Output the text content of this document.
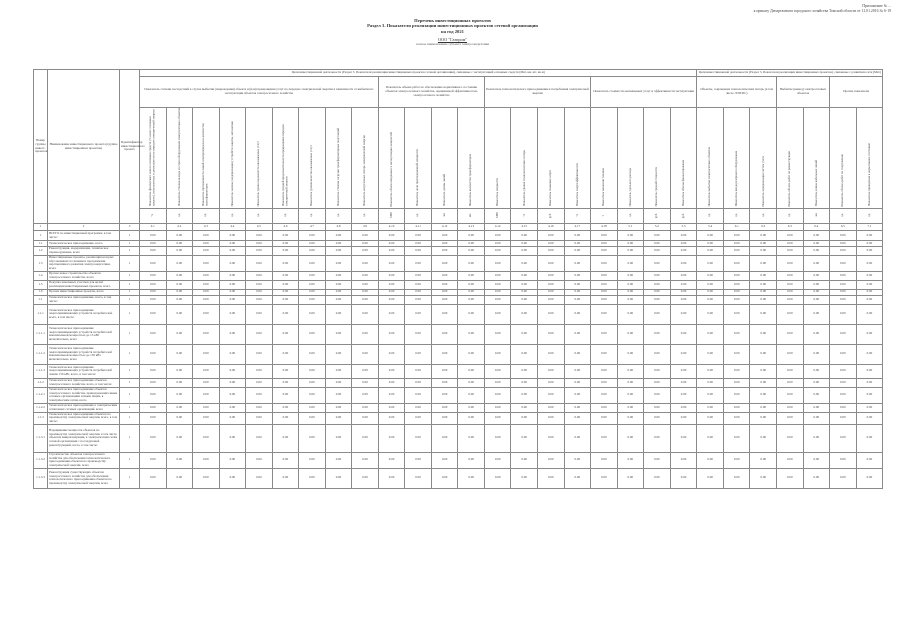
Приложение № ...
к приказу Департамента городского хозяйства Томской области от 11.01.2016 № 6-19
Перечень инвестиционных проектов
Раздел 3. Показатели реализации инвестиционных проектов сетевой организации
на год 2021
ООО "Газпром"
полное наименование субъекта электроэнергетики
Номер группы инвест-проектов	Наименование инвестиционного проекта (группы инвестиционных проектов)	Идентификатор инвестиционного проекта	Цели инвестиционной деятельности (Раздел 3. Показатели реализации инвестиционных проектов сетевой организации), связанные с эксплуатацией основных средств (Мвт, км, шт, кв.м)																					Цели инвестиционной деятельности (Раздел 3. Показатели реализации инвестиционных проектов), связанные с развитием сети (Мвт)						
			Показатель степени последствий в случае выбытия (повреждения) объекта и (или) прекращения услуг по передаче электрической энергии в зависимости от выбытия из эксплуатации объектов электросетевого хозяйства									Показатель объема работ по обеспечению нормативного состояния объектов электросетевого хозяйства, оцениваемой эффективностью электросетевого хозяйства				Показатель технологического присоединения и потребления электрической энергии				Показатель стоимости оказываемых услуг и эффективности эксплуатации				Объекты, сокращение технологических потерь (в том числе ЛЭП/ПС)			Выбытие (вывод) электросетевых объектов		Прочие показатели	
			Показатель физического износа основных средств (% износ основных средств), используемых в деятельности по передаче электрической энергии	Показатель степени выхода из строя оборудования электросетевых объектов	Показатель протяженности линий электропередачи и количества трансформаторов	Показатель замены (модернизации) устройств защиты, автоматики	Показатель уровня надежности оказываемых услуг	Показатель средней продолжительности прекращения передачи электрической энергии	Показатель уровня качества оказываемых услуг	Показатель степени загрузки трансформаторных подстанций	Показатель нагрузочных потерь электрической энергии	Показатель объема введенных в эксплуатацию мощностей	Показатель доли присоединенной мощности	Показатель длины линий	Показатель количества трансформаторов	Показатель мощности	Показатель уровня технологических потерь	Показатель снижения затрат	Показатель энергоэффективности	Показатель экономии топлива	Показатель удельного расхода	Показатель средней стоимости	Показатель объема финансирования	Показатель выбытия электросетевых объектов	Показатель ввода резервного оборудования	Показатель модернизации систем учета	Показатель объема работ по реконструкции	Показатель длины кабельных линий	Показатель объема работ по сооружению	Показатель приведения в нормативное состояние
			%	ед.	ед.	ед.	ед.	ед.	ед.	ед.	ед.	МВт	ед.	км	шт.	МВт	%	руб.	%	т	ед.	руб.	руб.	ед.	ед.	ед.	ед.	км	ед.	ед.
1	2	3	4.1	4.2	4.3	4.4	4.5	4.6	4.7	4.8	4.9	4.10	4.11	4.12	4.13	4.14	4.15	4.16	4.17	4.18	5.1	5.2	5.3	5.4	6.1	6.2	6.3	6.4	6.5	7.1
1	ВСЕГО по инвестиционной программе, в том числе:	1	0.00	0.00	0.00	0.00	0.00	0.00	0.00	0.00	0.00	0.00	0.00	0.00	0.00	0.00	0.00	0.00	0.00	0.00	0.00	0.00	0.00	0.00	0.00	0.00	0.00	0.00	0.00	0.00
1.1	Технологическое присоединение, всего	1	0.00	0.00	0.00	0.00	0.00	0.00	0.00	0.00	0.00	0.00	0.00	0.00	0.00	0.00	0.00	0.00	0.00	0.00	0.00	0.00	0.00	0.00	0.00	0.00	0.00	0.00	0.00	0.00
1.2	Реконструкция, модернизация, техническое перевооружение, всего	1	0.00	0.00	0.00	0.00	0.00	0.00	0.00	0.00	0.00	0.00	0.00	0.00	0.00	0.00	0.00	0.00	0.00	0.00	0.00	0.00	0.00	0.00	0.00	0.00	0.00	0.00	0.00	0.00
1.3	Инвестиционные проекты, реализация которых обуславливается схемами и программами перспективного развития электроэнергетики, всего	1	0.00	0.00	0.00	0.00	0.00	0.00	0.00	0.00	0.00	0.00	0.00	0.00	0.00	0.00	0.00	0.00	0.00	0.00	0.00	0.00	0.00	0.00	0.00	0.00	0.00	0.00	0.00	0.00
1.4	Прочее новое строительство объектов электросетевого хозяйства, всего	1	0.00	0.00	0.00	0.00	0.00	0.00	0.00	0.00	0.00	0.00	0.00	0.00	0.00	0.00	0.00	0.00	0.00	0.00	0.00	0.00	0.00	0.00	0.00	0.00	0.00	0.00	0.00	0.00
1.5	Покупка земельных участков для целей реализации инвестиционных проектов, всего	1	0.00	0.00	0.00	0.00	0.00	0.00	0.00	0.00	0.00	0.00	0.00	0.00	0.00	0.00	0.00	0.00	0.00	0.00	0.00	0.00	0.00	0.00	0.00	0.00	0.00	0.00	0.00	0.00
1.6	Прочие инвестиционные проекты, всего	1	0.00	0.00	0.00	0.00	0.00	0.00	0.00	0.00	0.00	0.00	0.00	0.00	0.00	0.00	0.00	0.00	0.00	0.00	0.00	0.00	0.00	0.00	0.00	0.00	0.00	0.00	0.00	0.00
1.1	Технологическое присоединение, всего, в том числе:	1	0.00	0.00	0.00	0.00	0.00	0.00	0.00	0.00	0.00	0.00	0.00	0.00	0.00	0.00	0.00	0.00	0.00	0.00	0.00	0.00	0.00	0.00	0.00	0.00	0.00	0.00	0.00	0.00
1.1.1	Технологическое присоединение энергопринимающих устройств потребителей, всего, в том числе:	1	0.00	0.00	0.00	0.00	0.00	0.00	0.00	0.00	0.00	0.00	0.00	0.00	0.00	0.00	0.00	0.00	0.00	0.00	0.00	0.00	0.00	0.00	0.00	0.00	0.00	0.00	0.00	0.00
1.1.1.1	Технологическое присоединение энергопринимающих устройств потребителей максимальной мощностью до 15 кВт включительно, всего	1	0.00	0.00	0.00	0.00	0.00	0.00	0.00	0.00	0.00	0.00	0.00	0.00	0.00	0.00	0.00	0.00	0.00	0.00	0.00	0.00	0.00	0.00	0.00	0.00	0.00	0.00	0.00	0.00
1.1.1.2	Технологическое присоединение энергопринимающих устройств потребителей максимальной мощностью до 150 кВт включительно, всего	1	0.00	0.00	0.00	0.00	0.00	0.00	0.00	0.00	0.00	0.00	0.00	0.00	0.00	0.00	0.00	0.00	0.00	0.00	0.00	0.00	0.00	0.00	0.00	0.00	0.00	0.00	0.00	0.00
1.1.1.3	Технологическое присоединение энергопринимающих устройств потребителей свыше 150 кВт, всего, в том числе:	1	0.00	0.00	0.00	0.00	0.00	0.00	0.00	0.00	0.00	0.00	0.00	0.00	0.00	0.00	0.00	0.00	0.00	0.00	0.00	0.00	0.00	0.00	0.00	0.00	0.00	0.00	0.00	0.00
1.1.2	Технологическое присоединение объектов электросетевого хозяйства, всего, в том числе:	1	0.00	0.00	0.00	0.00	0.00	0.00	0.00	0.00	0.00	0.00	0.00	0.00	0.00	0.00	0.00	0.00	0.00	0.00	0.00	0.00	0.00	0.00	0.00	0.00	0.00	0.00	0.00	0.00
1.1.2.1	Технологическое присоединение объектов электросетевого хозяйства, принадлежащих иным сетевым организациям и иным лицам, к электрическим сетям, всего	1	0.00	0.00	0.00	0.00	0.00	0.00	0.00	0.00	0.00	0.00	0.00	0.00	0.00	0.00	0.00	0.00	0.00	0.00	0.00	0.00	0.00	0.00	0.00	0.00	0.00	0.00	0.00	0.00
1.1.2.2	Технологическое присоединение к электрическим сетям иных сетевых организаций, всего	1	0.00	0.00	0.00	0.00	0.00	0.00	0.00	0.00	0.00	0.00	0.00	0.00	0.00	0.00	0.00	0.00	0.00	0.00	0.00	0.00	0.00	0.00	0.00	0.00	0.00	0.00	0.00	0.00
1.1.3	Технологическое присоединение объектов по производству электрической энергии, всего, в том числе:	1	0.00	0.00	0.00	0.00	0.00	0.00	0.00	0.00	0.00	0.00	0.00	0.00	0.00	0.00	0.00	0.00	0.00	0.00	0.00	0.00	0.00	0.00	0.00	0.00	0.00	0.00	0.00	0.00
1.1.3.1	Наращивание мощности объектов по производству электрической энергии, в том числе объектов микрогенерации, к электрическим сетям сетевой организации с последующей реконструкцией, всего, в том числе:	1	0.00	0.00	0.00	0.00	0.00	0.00	0.00	0.00	0.00	0.00	0.00	0.00	0.00	0.00	0.00	0.00	0.00	0.00	0.00	0.00	0.00	0.00	0.00	0.00	0.00	0.00	0.00	0.00
1.1.3.2	Строительство объектов электросетевого хозяйства для обеспечения технологического присоединения объектов по производству электрической энергии, всего	1	0.00	0.00	0.00	0.00	0.00	0.00	0.00	0.00	0.00	0.00	0.00	0.00	0.00	0.00	0.00	0.00	0.00	0.00	0.00	0.00	0.00	0.00	0.00	0.00	0.00	0.00	0.00	0.00
1.1.3.3	Реконструкция существующих объектов электросетевого хозяйства для обеспечения технологического присоединения объектов по производству электрической энергии, всего	1	0.00	0.00	0.00	0.00	0.00	0.00	0.00	0.00	0.00	0.00	0.00	0.00	0.00	0.00	0.00	0.00	0.00	0.00	0.00	0.00	0.00	0.00	0.00	0.00	0.00	0.00	0.00	0.00
